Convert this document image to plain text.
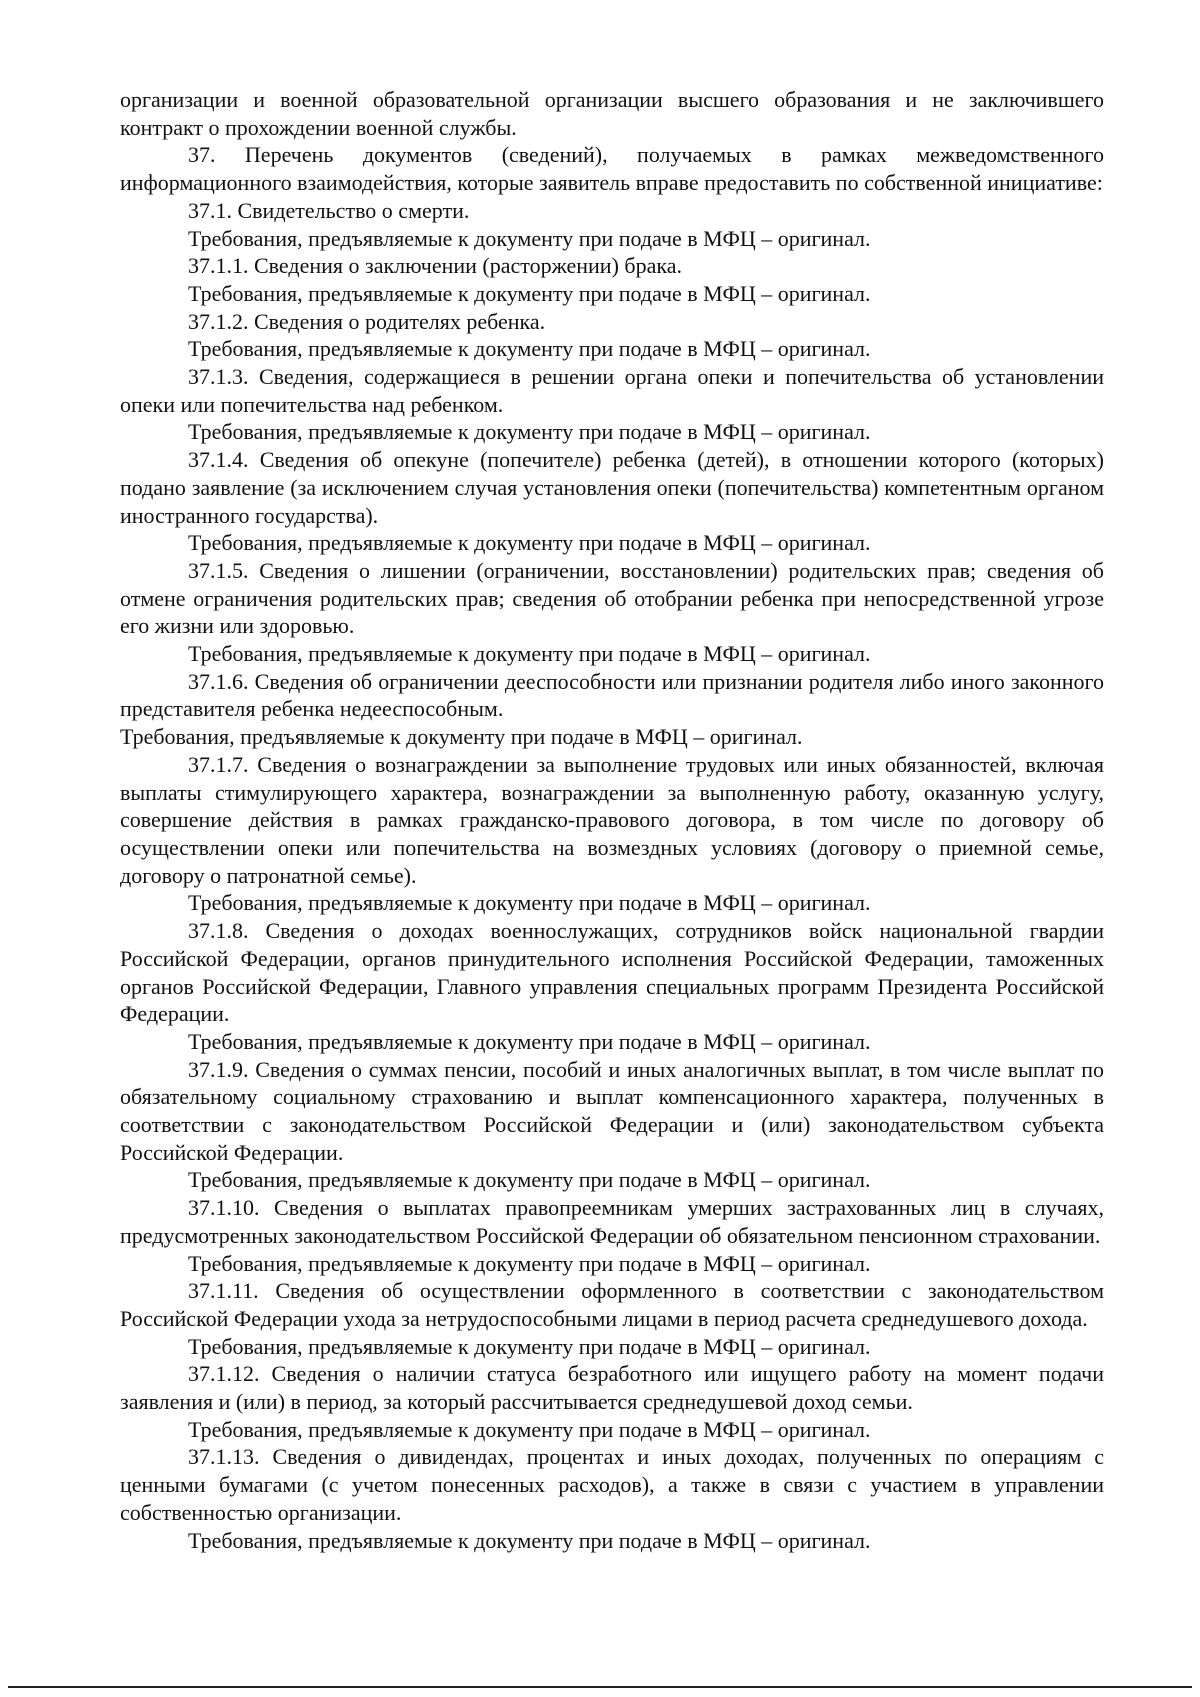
организации и военной образовательной организации высшего образования и не заключившего контракт о прохождении военной службы.

37. Перечень документов (сведений), получаемых в рамках межведомственного информационного взаимодействия, которые заявитель вправе предоставить по собственной инициативе:

37.1. Свидетельство о смерти.

Требования, предъявляемые к документу при подаче в МФЦ – оригинал.

37.1.1. Сведения о заключении (расторжении) брака.

Требования, предъявляемые к документу при подаче в МФЦ – оригинал.

37.1.2. Сведения о родителях ребенка.

Требования, предъявляемые к документу при подаче в МФЦ – оригинал.

37.1.3. Сведения, содержащиеся в решении органа опеки и попечительства об установлении опеки или попечительства над ребенком.

Требования, предъявляемые к документу при подаче в МФЦ – оригинал.

37.1.4. Сведения об опекуне (попечителе) ребенка (детей), в отношении которого (которых) подано заявление (за исключением случая установления опеки (попечительства) компетентным органом иностранного государства).

Требования, предъявляемые к документу при подаче в МФЦ – оригинал.

37.1.5. Сведения о лишении (ограничении, восстановлении) родительских прав; сведения об отмене ограничения родительских прав; сведения об отобрании ребенка при непосредственной угрозе его жизни или здоровью.

Требования, предъявляемые к документу при подаче в МФЦ – оригинал.

37.1.6. Сведения об ограничении дееспособности или признании родителя либо иного законного представителя ребенка недееспособным.

Требования, предъявляемые к документу при подаче в МФЦ – оригинал.

37.1.7. Сведения о вознаграждении за выполнение трудовых или иных обязанностей, включая выплаты стимулирующего характера, вознаграждении за выполненную работу, оказанную услугу, совершение действия в рамках гражданско-правового договора, в том числе по договору об осуществлении опеки или попечительства на возмездных условиях (договору о приемной семье, договору о патронатной семье).

Требования, предъявляемые к документу при подаче в МФЦ – оригинал.

37.1.8. Сведения о доходах военнослужащих, сотрудников войск национальной гвардии Российской Федерации, органов принудительного исполнения Российской Федерации, таможенных органов Российской Федерации, Главного управления специальных программ Президента Российской Федерации.

Требования, предъявляемые к документу при подаче в МФЦ – оригинал.

37.1.9. Сведения о суммах пенсии, пособий и иных аналогичных выплат, в том числе выплат по обязательному социальному страхованию и выплат компенсационного характера, полученных в соответствии с законодательством Российской Федерации и (или) законодательством субъекта Российской Федерации.

Требования, предъявляемые к документу при подаче в МФЦ – оригинал.

37.1.10. Сведения о выплатах правопреемникам умерших застрахованных лиц в случаях, предусмотренных законодательством Российской Федерации об обязательном пенсионном страховании.

Требования, предъявляемые к документу при подаче в МФЦ – оригинал.

37.1.11. Сведения об осуществлении оформленного в соответствии с законодательством Российской Федерации ухода за нетрудоспособными лицами в период расчета среднедушевого дохода.

Требования, предъявляемые к документу при подаче в МФЦ – оригинал.

37.1.12. Сведения о наличии статуса безработного или ищущего работу на момент подачи заявления и (или) в период, за который рассчитывается среднедушевой доход семьи.

Требования, предъявляемые к документу при подаче в МФЦ – оригинал.

37.1.13. Сведения о дивидендах, процентах и иных доходах, полученных по операциям с ценными бумагами (с учетом понесенных расходов), а также в связи с участием в управлении собственностью организации.

Требования, предъявляемые к документу при подаче в МФЦ – оригинал.
